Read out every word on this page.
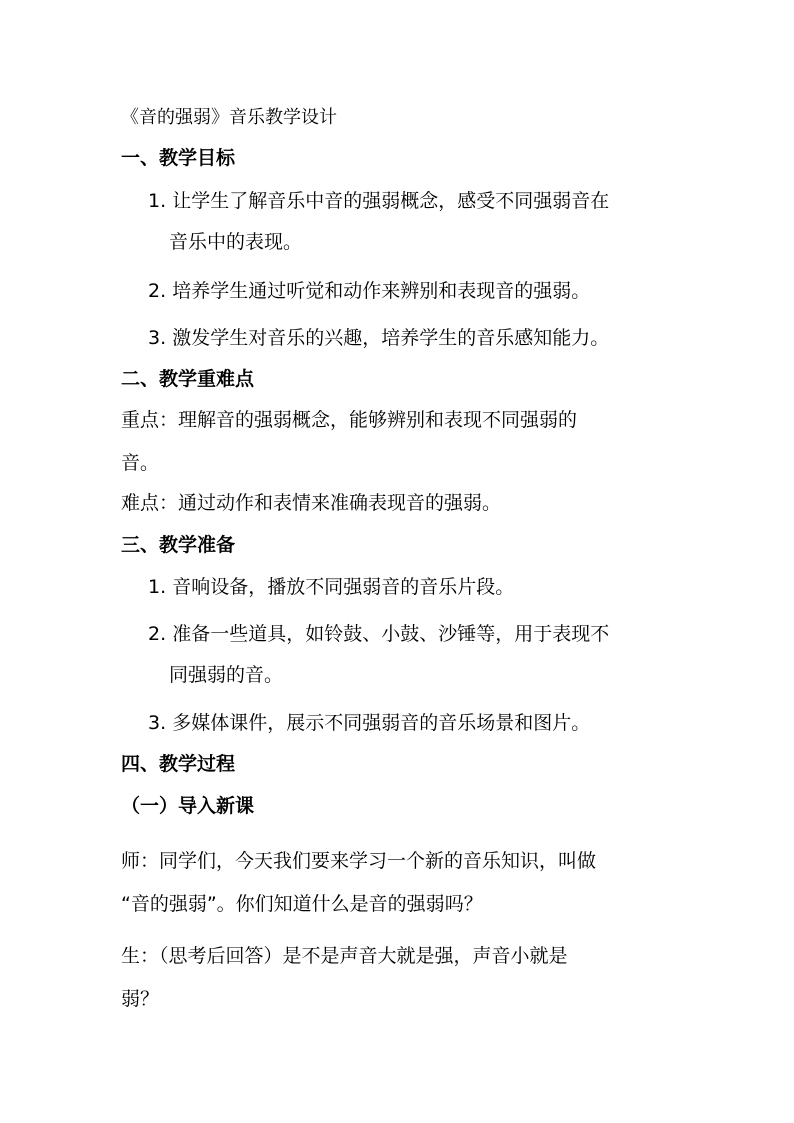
《音的强弱》音乐教学设计
一、教学目标
1. 让学生了解音乐中音的强弱概念，感受不同强弱音在
音乐中的表现。
2. 培养学生通过听觉和动作来辨别和表现音的强弱。
3. 激发学生对音乐的兴趣，培养学生的音乐感知能力。
二、教学重难点
重点：理解音的强弱概念，能够辨别和表现不同强弱的
音。
难点：通过动作和表情来准确表现音的强弱。
三、教学准备
1. 音响设备，播放不同强弱音的音乐片段。
2. 准备一些道具，如铃鼓、小鼓、沙锤等，用于表现不
同强弱的音。
3. 多媒体课件，展示不同强弱音的音乐场景和图片。
四、教学过程
（一）导入新课
师：同学们，今天我们要来学习一个新的音乐知识，叫做
“音的强弱”。你们知道什么是音的强弱吗？
生：（思考后回答）是不是声音大就是强，声音小就是
弱？
